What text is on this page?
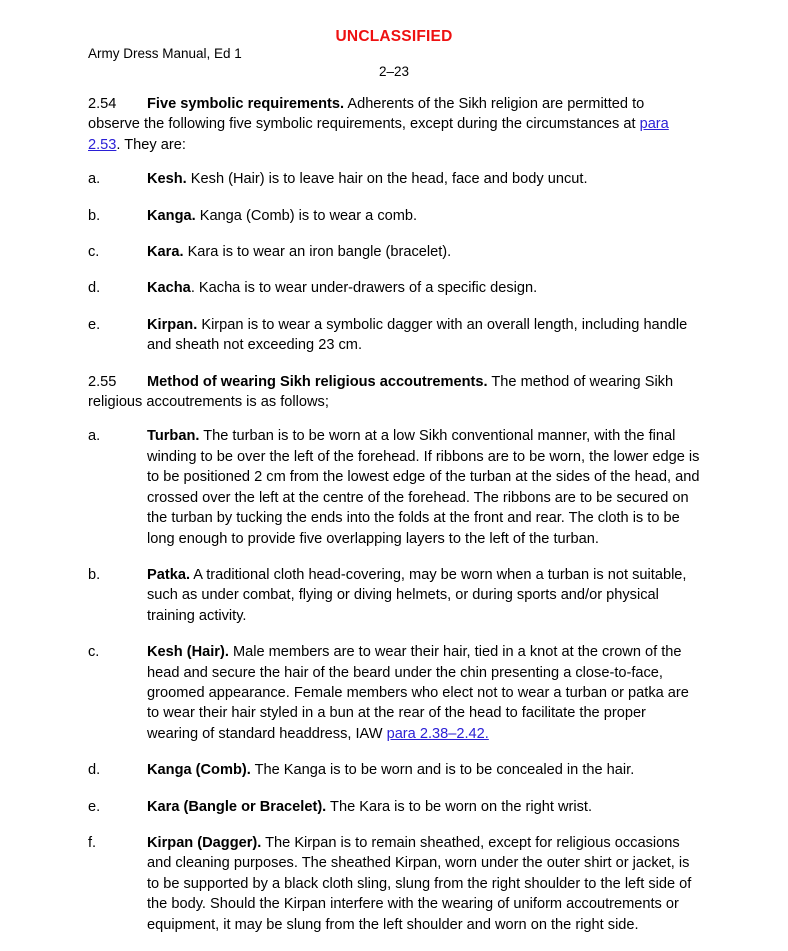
UNCLASSIFIED
Army Dress Manual, Ed 1
2–23

2.54 Five symbolic requirements. Adherents of the Sikh religion are permitted to observe the following five symbolic requirements, except during the circumstances at para 2.53. They are:

a.	Kesh. Kesh (Hair) is to leave hair on the head, face and body uncut.
b.	Kanga. Kanga (Comb) is to wear a comb.
c.	Kara. Kara is to wear an iron bangle (bracelet).
d.	Kacha. Kacha is to wear under-drawers of a specific design.
e.	Kirpan. Kirpan is to wear a symbolic dagger with an overall length, including handle and sheath not exceeding 23 cm.

2.55 Method of wearing Sikh religious accoutrements. The method of wearing Sikh religious accoutrements is as follows;

a.	Turban. The turban is to be worn at a low Sikh conventional manner, with the final winding to be over the left of the forehead. If ribbons are to be worn, the lower edge is to be positioned 2 cm from the lowest edge of the turban at the sides of the head, and crossed over the left at the centre of the forehead. The ribbons are to be secured on the turban by tucking the ends into the folds at the front and rear. The cloth is to be long enough to provide five overlapping layers to the left of the turban.
b.	Patka. A traditional cloth head-covering, may be worn when a turban is not suitable, such as under combat, flying or diving helmets, or during sports and/or physical training activity.
c.	Kesh (Hair). Male members are to wear their hair, tied in a knot at the crown of the head and secure the hair of the beard under the chin presenting a close-to-face, groomed appearance. Female members who elect not to wear a turban or patka are to wear their hair styled in a bun at the rear of the head to facilitate the proper wearing of standard headdress, IAW para 2.38–2.42.
d.	Kanga (Comb). The Kanga is to be worn and is to be concealed in the hair.
e.	Kara (Bangle or Bracelet). The Kara is to be worn on the right wrist.
f.	Kirpan (Dagger). The Kirpan is to remain sheathed, except for religious occasions and cleaning purposes. The sheathed Kirpan, worn under the outer shirt or jacket, is to be supported by a black cloth sling, slung from the right shoulder to the left side of the body. Should the Kirpan interfere with the wearing of uniform accoutrements or equipment, it may be slung from the left shoulder and worn on the right side.
